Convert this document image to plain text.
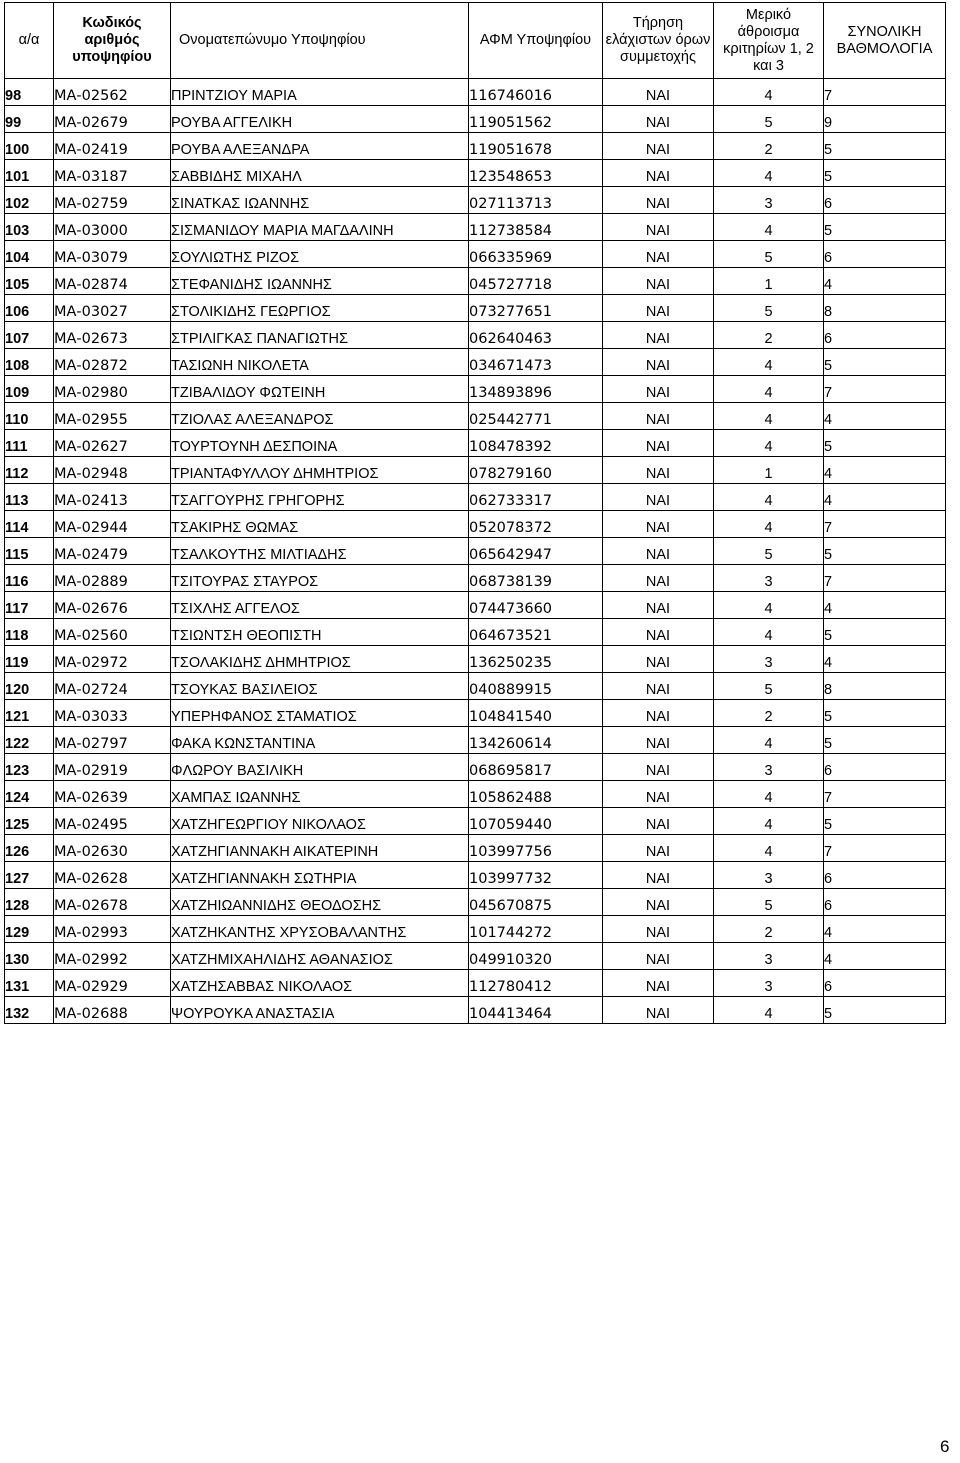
α/α	Κωδικός αριθμός υποψηφίου	Ονοματεπώνυμο Υποψηφίου	ΑΦΜ Υποψηφίου	Τήρηση ελάχιστων όρων συμμετοχής	Μερικό άθροισμα κριτηρίων 1, 2 και 3	ΣΥΝΟΛΙΚΗ ΒΑΘΜΟΛΟΓΙΑ
98	ΜΑ-02562	ΠΡΙΝΤΖΙΟΥ ΜΑΡΙΑ	116746016	ΝΑΙ	4	7
99	ΜΑ-02679	ΡΟΥΒΑ ΑΓΓΕΛΙΚΗ	119051562	ΝΑΙ	5	9
100	ΜΑ-02419	ΡΟΥΒΑ ΑΛΕΞΑΝΔΡΑ	119051678	ΝΑΙ	2	5
101	ΜΑ-03187	ΣΑΒΒΙΔΗΣ ΜΙΧΑΗΛ	123548653	ΝΑΙ	4	5
102	ΜΑ-02759	ΣΙΝΑΤΚΑΣ ΙΩΑΝΝΗΣ	027113713	ΝΑΙ	3	6
103	ΜΑ-03000	ΣΙΣΜΑΝΙΔΟΥ ΜΑΡΙΑ ΜΑΓΔΑΛΙΝΗ	112738584	ΝΑΙ	4	5
104	ΜΑ-03079	ΣΟΥΛΙΩΤΗΣ ΡΙΖΟΣ	066335969	ΝΑΙ	5	6
105	ΜΑ-02874	ΣΤΕΦΑΝΙΔΗΣ ΙΩΑΝΝΗΣ	045727718	ΝΑΙ	1	4
106	ΜΑ-03027	ΣΤΟΛΙΚΙΔΗΣ ΓΕΩΡΓΙΟΣ	073277651	ΝΑΙ	5	8
107	ΜΑ-02673	ΣΤΡΙΛΙΓΚΑΣ ΠΑΝΑΓΙΩΤΗΣ	062640463	ΝΑΙ	2	6
108	ΜΑ-02872	ΤΑΣΙΩΝΗ ΝΙΚΟΛΕΤΑ	034671473	ΝΑΙ	4	5
109	ΜΑ-02980	ΤΖΙΒΑΛΙΔΟΥ ΦΩΤΕΙΝΗ	134893896	ΝΑΙ	4	7
110	ΜΑ-02955	ΤΖΙΟΛΑΣ ΑΛΕΞΑΝΔΡΟΣ	025442771	ΝΑΙ	4	4
111	ΜΑ-02627	ΤΟΥΡΤΟΥΝΗ ΔΕΣΠΟΙΝΑ	108478392	ΝΑΙ	4	5
112	ΜΑ-02948	ΤΡΙΑΝΤΑΦΥΛΛΟΥ ΔΗΜΗΤΡΙΟΣ	078279160	ΝΑΙ	1	4
113	ΜΑ-02413	ΤΣΑΓΓΟΥΡΗΣ ΓΡΗΓΟΡΗΣ	062733317	ΝΑΙ	4	4
114	ΜΑ-02944	ΤΣΑΚΙΡΗΣ ΘΩΜΑΣ	052078372	ΝΑΙ	4	7
115	ΜΑ-02479	ΤΣΑΛΚΟΥΤΗΣ ΜΙΛΤΙΑΔΗΣ	065642947	ΝΑΙ	5	5
116	ΜΑ-02889	ΤΣΙΤΟΥΡΑΣ ΣΤΑΥΡΟΣ	068738139	ΝΑΙ	3	7
117	ΜΑ-02676	ΤΣΙΧΛΗΣ ΑΓΓΕΛΟΣ	074473660	ΝΑΙ	4	4
118	ΜΑ-02560	ΤΣΙΩΝΤΣΗ ΘΕΟΠΙΣΤΗ	064673521	ΝΑΙ	4	5
119	ΜΑ-02972	ΤΣΟΛΑΚΙΔΗΣ ΔΗΜΗΤΡΙΟΣ	136250235	ΝΑΙ	3	4
120	ΜΑ-02724	ΤΣΟΥΚΑΣ ΒΑΣΙΛΕΙΟΣ	040889915	ΝΑΙ	5	8
121	ΜΑ-03033	ΥΠΕΡΗΦΑΝΟΣ ΣΤΑΜΑΤΙΟΣ	104841540	ΝΑΙ	2	5
122	ΜΑ-02797	ΦΑΚΑ ΚΩΝΣΤΑΝΤΙΝΑ	134260614	ΝΑΙ	4	5
123	ΜΑ-02919	ΦΛΩΡΟΥ ΒΑΣΙΛΙΚΗ	068695817	ΝΑΙ	3	6
124	ΜΑ-02639	ΧΑΜΠΑΣ ΙΩΑΝΝΗΣ	105862488	ΝΑΙ	4	7
125	ΜΑ-02495	ΧΑΤΖΗΓΕΩΡΓΙΟΥ ΝΙΚΟΛΑΟΣ	107059440	ΝΑΙ	4	5
126	ΜΑ-02630	ΧΑΤΖΗΓΙΑΝΝΑΚΗ ΑΙΚΑΤΕΡΙΝΗ	103997756	ΝΑΙ	4	7
127	ΜΑ-02628	ΧΑΤΖΗΓΙΑΝΝΑΚΗ ΣΩΤΗΡΙΑ	103997732	ΝΑΙ	3	6
128	ΜΑ-02678	ΧΑΤΖΗΙΩΑΝΝΙΔΗΣ ΘΕΟΔΟΣΗΣ	045670875	ΝΑΙ	5	6
129	ΜΑ-02993	ΧΑΤΖΗΚΑΝΤΗΣ ΧΡΥΣΟΒΑΛΑΝΤΗΣ	101744272	ΝΑΙ	2	4
130	ΜΑ-02992	ΧΑΤΖΗΜΙΧΑΗΛΙΔΗΣ ΑΘΑΝΑΣΙΟΣ	049910320	ΝΑΙ	3	4
131	ΜΑ-02929	ΧΑΤΖΗΣΑΒΒΑΣ ΝΙΚΟΛΑΟΣ	112780412	ΝΑΙ	3	6
132	ΜΑ-02688	ΨΟΥΡΟΥΚΑ ΑΝΑΣΤΑΣΙΑ	104413464	ΝΑΙ	4	5
6
